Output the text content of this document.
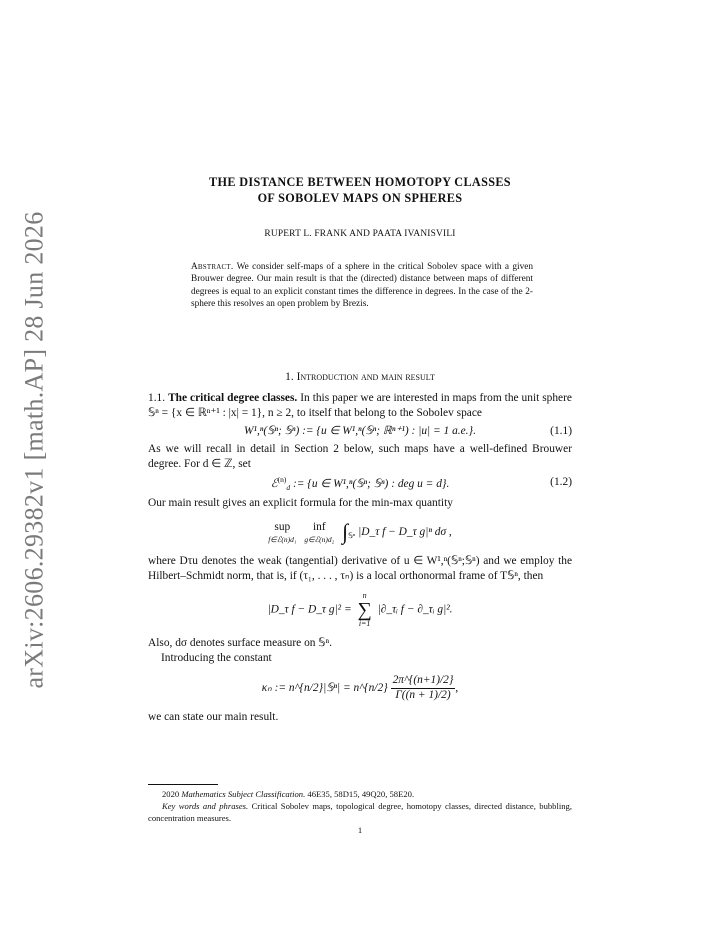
arXiv:2606.29382v1 [math.AP] 28 Jun 2026
THE DISTANCE BETWEEN HOMOTOPY CLASSES
OF SOBOLEV MAPS ON SPHERES
RUPERT L. FRANK AND PAATA IVANISVILI
Abstract. We consider self-maps of a sphere in the critical Sobolev space with a given Brouwer degree. Our main result is that the (directed) distance between maps of different degrees is equal to an explicit constant times the difference in degrees. In the case of the 2-sphere this resolves an open problem by Brezis.
1. Introduction and main result

1.1. The critical degree classes. In this paper we are interested in maps from the unit sphere 𝕊ⁿ = {x ∈ ℝⁿ⁺¹ : |x| = 1}, n ≥ 2, to itself that belong to the Sobolev space

W¹,ⁿ(𝕊ⁿ; 𝕊ⁿ) := {u ∈ W¹,ⁿ(𝕊ⁿ; ℝⁿ⁺¹) : |u| = 1 a.e.}.	(1.1)

As we will recall in detail in Section 2 below, such maps have a well-defined Brouwer degree. For d ∈ ℤ, set

ℰ$^{(n)}_d$ := {u ∈ W¹,ⁿ(𝕊ⁿ; 𝕊ⁿ) : deg u = d}.	(1.2)

Our main result gives an explicit formula for the min-max quantity

sup
f∈ℰ(n)d₁

inf
g∈ℰ(n)d₂ $\int_{𝕊^n}$ |D_τ f − D_τ g|ⁿ dσ ,

where Dτu denotes the weak (tangential) derivative of u ∈ W¹,ⁿ(𝕊ⁿ;𝕊ⁿ) and we employ the Hilbert–Schmidt norm, that is, if (τ₁, . . . , τₙ) is a local orthonormal frame of T𝕊ⁿ, then

|D_τ f − D_τ g|² =
n
∑
i=1
|∂_τᵢ f − ∂_τᵢ g|².

Also, dσ denotes surface measure on 𝕊ⁿ.

Introducing the constant

κₙ := n^{n/2}|𝕊ⁿ| = n^{n/2} $\frac{2\pi\^{}\{(n+1)/2\}}{\Gamma((n + 1)/2)}$ ,

we can state our main result.

2020 Mathematics Subject Classification. 46E35, 58D15, 49Q20, 58E20.

Key words and phrases. Critical Sobolev maps, topological degree, homotopy classes, directed distance, bubbling, concentration measures.

1
